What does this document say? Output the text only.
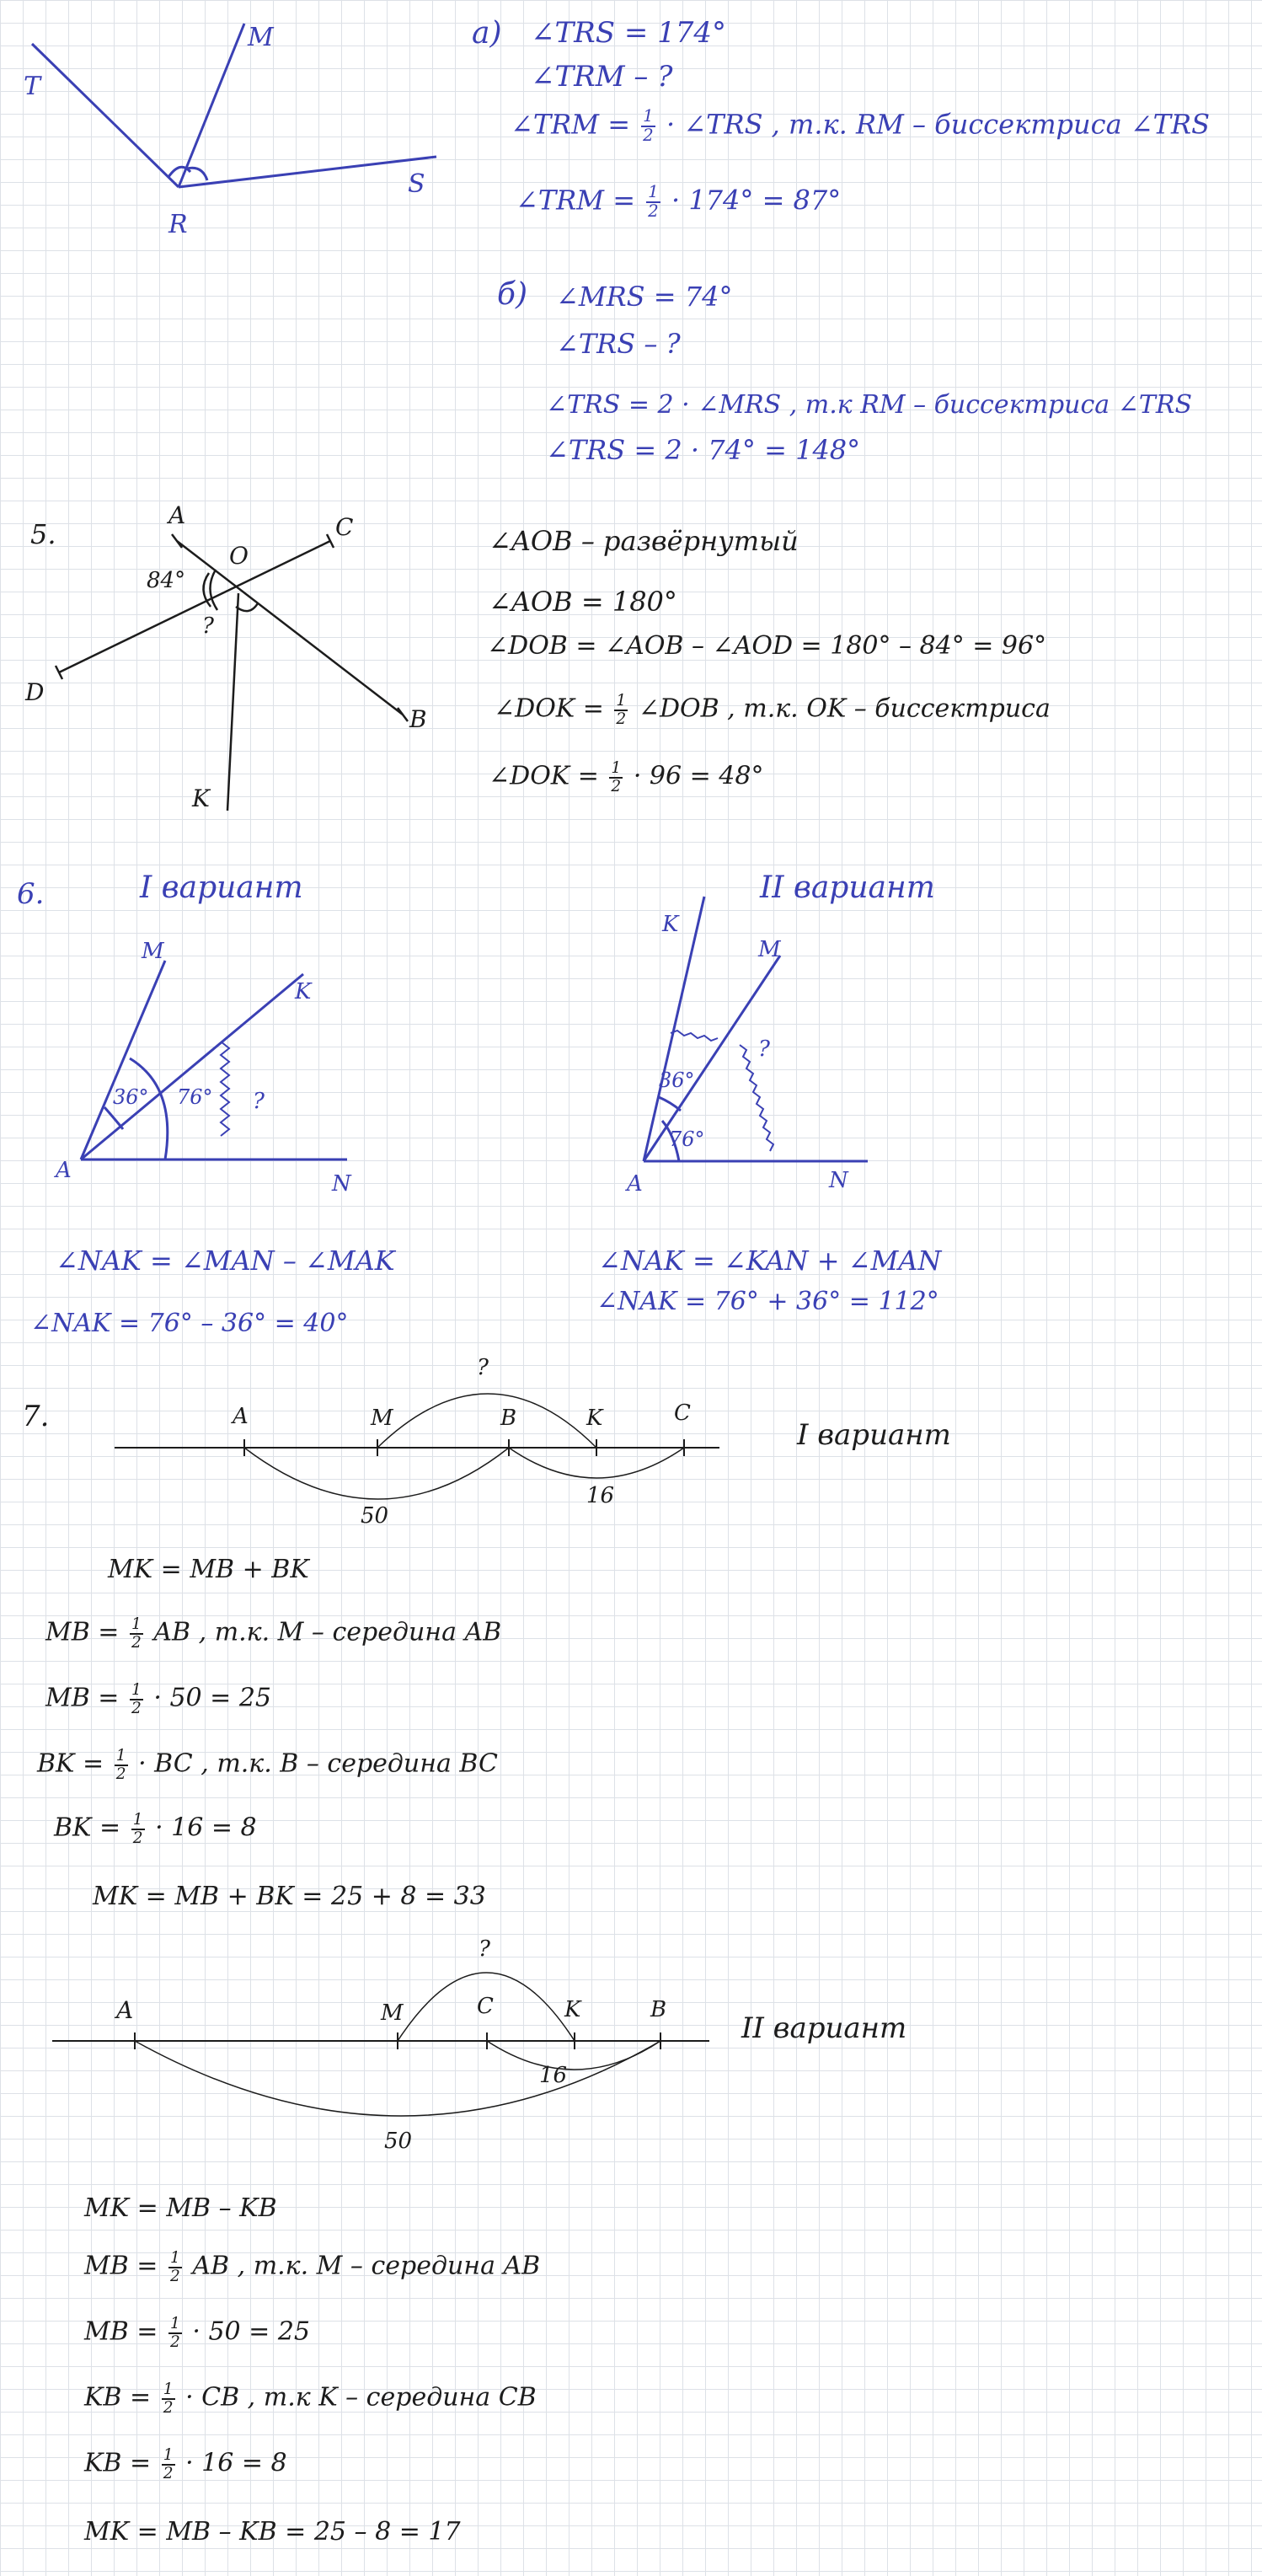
T
M
R
S
а) ∠TRS = 174°
∠TRM – ?
∠TRM = $\frac{1}{2}$ · ∠TRS , т.к. RM – биссектриса ∠TRS
∠TRM = $\frac{1}{2} \cdot 174^\circ = 87^\circ$
б) ∠MRS = 74°
∠TRS – ?
∠TRS = 2 · ∠MRS , т.к RM – биссектриса ∠TRS
∠TRS = 2 · 74° = 148°
5.
A
O
C
D
B
K
84°
?
∠AOB – развёрнутый
∠AOB = 180°
∠DOB = ∠AOB – ∠AOD = 180° – 84° = 96°
∠DOK = $\frac{1}{2}$ ∠DOB , т.к. OK – биссектриса
∠DOK = $\frac{1}{2} \cdot 96 = 48^\circ$
6.	I вариант	II вариант
M
K
A
N
36° 76° ?
K
M
A	N
36°
76°
?
∠NAK = ∠MAN – ∠MAK
∠NAK = 76° – 36° = 40°
∠NAK = ∠KAN + ∠MAN
∠NAK = 76° + 36° = 112°
7.	A	M	B	K	C
?
50
16
I вариант
MK = MB + BK
MB = $\frac{1}{2}$ AB , т.к. M – середина AB
MB = $\frac{1}{2} \cdot 50 = 25$
BK = $\frac{1}{2}$ · BC , т.к. B – середина BC
BK = $\frac{1}{2} \cdot 16 = 8$
MK = MB + BK = 25 + 8 = 33
A	M	C	K	B
?
16
50
II вариант
MK = MB – KB
MB = $\frac{1}{2}$ AB , т.к. M – середина AB
MB = $\frac{1}{2} \cdot 50 = 25$
KB = $\frac{1}{2}$ · CB , т.к K – середина CB
KB = $\frac{1}{2} \cdot 16 = 8$
MK = MB – KB = 25 – 8 = 17
